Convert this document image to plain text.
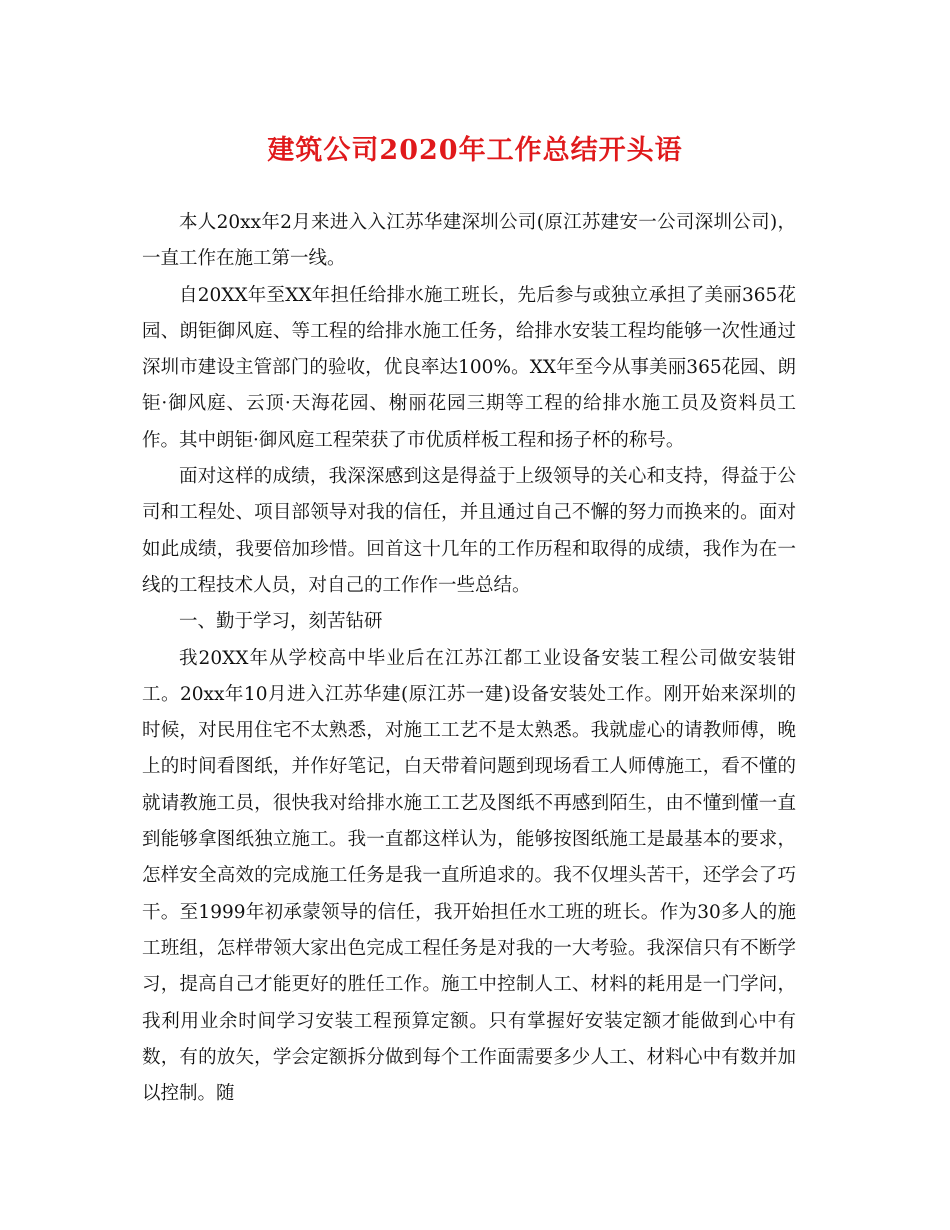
建筑公司2020年工作总结开头语

本人20xx年2月来进入入江苏华建深圳公司(原江苏建安一公司深圳公司)，一直工作在施工第一线。

自20XX年至XX年担任给排水施工班长，先后参与或独立承担了美丽365花园、朗钜御风庭、等工程的给排水施工任务，给排水安装工程均能够一次性通过深圳市建设主管部门的验收，优良率达100%。XX年至今从事美丽365花园、朗钜·御风庭、云顶·天海花园、榭丽花园三期等工程的给排水施工员及资料员工作。其中朗钜·御风庭工程荣获了市优质样板工程和扬子杯的称号。

面对这样的成绩，我深深感到这是得益于上级领导的关心和支持，得益于公司和工程处、项目部领导对我的信任，并且通过自己不懈的努力而换来的。面对如此成绩，我要倍加珍惜。回首这十几年的工作历程和取得的成绩，我作为在一线的工程技术人员，对自己的工作作一些总结。

一、勤于学习，刻苦钻研

我20XX年从学校高中毕业后在江苏江都工业设备安装工程公司做安装钳工。20xx年10月进入江苏华建(原江苏一建)设备安装处工作。刚开始来深圳的时候，对民用住宅不太熟悉，对施工工艺不是太熟悉。我就虚心的请教师傅，晚上的时间看图纸，并作好笔记，白天带着问题到现场看工人师傅施工，看不懂的就请教施工员，很快我对给排水施工工艺及图纸不再感到陌生，由不懂到懂一直到能够拿图纸独立施工。我一直都这样认为，能够按图纸施工是最基本的要求，怎样安全高效的完成施工任务是我一直所追求的。我不仅埋头苦干，还学会了巧干。至1999年初承蒙领导的信任，我开始担任水工班的班长。作为30多人的施工班组，怎样带领大家出色完成工程任务是对我的一大考验。我深信只有不断学习，提高自己才能更好的胜任工作。施工中控制人工、材料的耗用是一门学问，我利用业余时间学习安装工程预算定额。只有掌握好安装定额才能做到心中有数，有的放矢，学会定额拆分做到每个工作面需要多少人工、材料心中有数并加以控制。随
